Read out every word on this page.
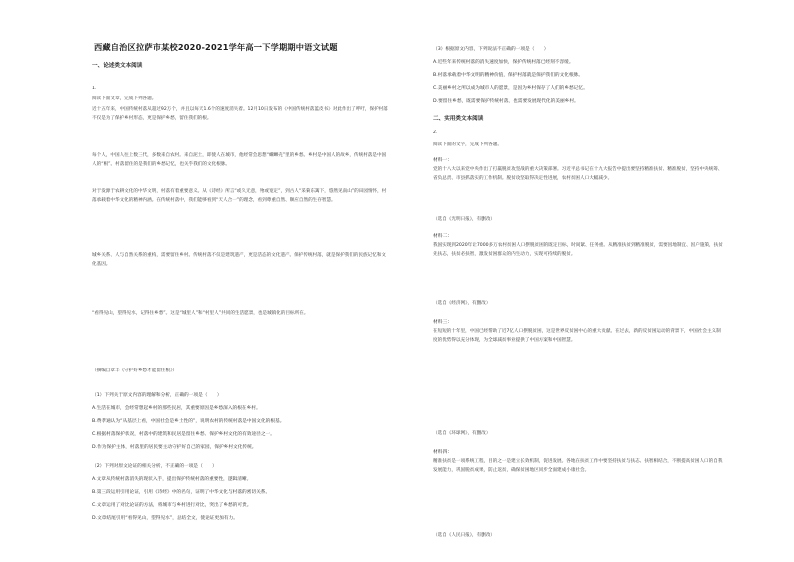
西藏自治区拉萨市某校2020-2021学年高一下学期期中语文试题
一、论述类文本阅读
1.
阅读下面文章，完成下列各题。
近十五年来，中国传统村落从超过92万个，并且以每天1.6个的速度消失着。12月10日发布的《中国传统村落蓝皮书》对此作出了呼吁，保护村落不仅是为了保护乡村形态，更是保护乡愁，留住我们的根。
每个人，中国人往上数三代，多数来自农村。来自泥土，即使人在城市，他经常会思想“螺蛳壳”里的乡愁。乡村是中国人的故乡，传统村落是中国人的“根”。村落留住的是我们的乡愁记忆，也关乎我们的文化根脉。
对于发源于农耕文化的中华文明，村落有着重要意义。从《诗经》所言“或久无意，殆或宽定”，到古人“采菊东篱下，悠然见南山”的田园情怀，村落承载着中华文化的精神内涵。在传统村落中，我们能够看到“天人合一”的理念，看到尊重自然、顺应自然的生存智慧。
城乡关系、人与自然关系的重构，需要留住乡村。传统村落不仅是建筑遗产，更是活态的文化遗产。保护传统村落，就是保护我们的民族记忆和文化基因。
“看得见山，望得见水，记得住乡愁”。这是“城里人”和“村里人”共同的生活愿景，也是城镇化的目标所在。
（摘编自章丰《守护好乡愁才能留住根》）
（1）下列关于原文内容的理解和分析，正确的一项是（　　）
A.生活在城市，会经常想起乡村的那些民居，其重要原因是乡愁深入的根在乡村。
B.费孝通认为“从基层上看，中国社会是乡土性的”，说明农村的传统村落是中国文化的根基。
C.根据村落保护状况，村落中的建筑和民居是留住乡愁、保护乡村文化的有效途径之一。
D.作为保护主体，村落里的居民要主动守护好自己的家园，保护乡村文化传统。
（2）下列对原文论证的相关分析，不正确的一项是（　　）
A.文章从传统村落消失的现状入手，提出保护传统村落的重要性，逻辑清晰。
B.第三段运用引用论证，引用《诗经》中的名句，证明了中华文化与村落的密切关系。
C.文章运用了对比论证的方法，将城市与乡村进行对比，突出了乡愁的可贵。
D.文章结尾引用“看得见山，望得见水”，总结全文，使论证更加有力。
（3）根据原文内容，下列说法不正确的一项是（　　）
A.近些年来传统村落的消失速度加快，保护传统村落已经刻不容缓。
B.村落承载着中华文明的精神价值，保护村落就是保护我们的文化根脉。
C.美丽乡村之所以成为城市人的愿景，是因为乡村保存了人们的乡愁记忆。
D.要留住乡愁，既需要保护传统村落，也需要发展现代化的美丽乡村。
二、实用类文本阅读
2.
阅读下面的文字，完成下列各题。
材料一：
党的十八大以来党中央作出了打赢脱贫攻坚战的重大决策部署。习近平总书记在十九大报告中提出要坚持精准扶贫、精准脱贫，坚持中央统筹、省负总责、市县抓落实的工作机制。脱贫攻坚取得决定性进展，农村贫困人口大幅减少。
（选自《光明日报》，有删改）
材料二：
我国实现到2020年让7000多万农村贫困人口摆脱贫困的既定目标，时间紧、任务重。从精准扶贫到精准脱贫，需要因地制宜、因户施策，扶贫先扶志，扶贫必扶智，激发贫困群众的内生动力，实现可持续的脱贫。
（选自《经济网》，有删改）
材料三：
在短短的十年里，中国已经帮助了近7亿人口摆脱贫困，这是世界反贫困中心的重大贡献。在过去，新的反贫困运动的背景下，中国社会主义制度的优势得以充分体现，为全球减贫事业提供了中国方案和中国智慧。
（选自《环球网》，有删改）
材料四：
精准扶贫是一项系统工程，目的之一是建立长效机制，促进发展。各地在扶贫工作中要坚持扶贫与扶志、扶智相结合，不断提高贫困人口的自我发展能力，巩固脱贫成果，防止返贫，确保贫困地区同步全面建成小康社会。
（选自《人民日报》，有删改）
